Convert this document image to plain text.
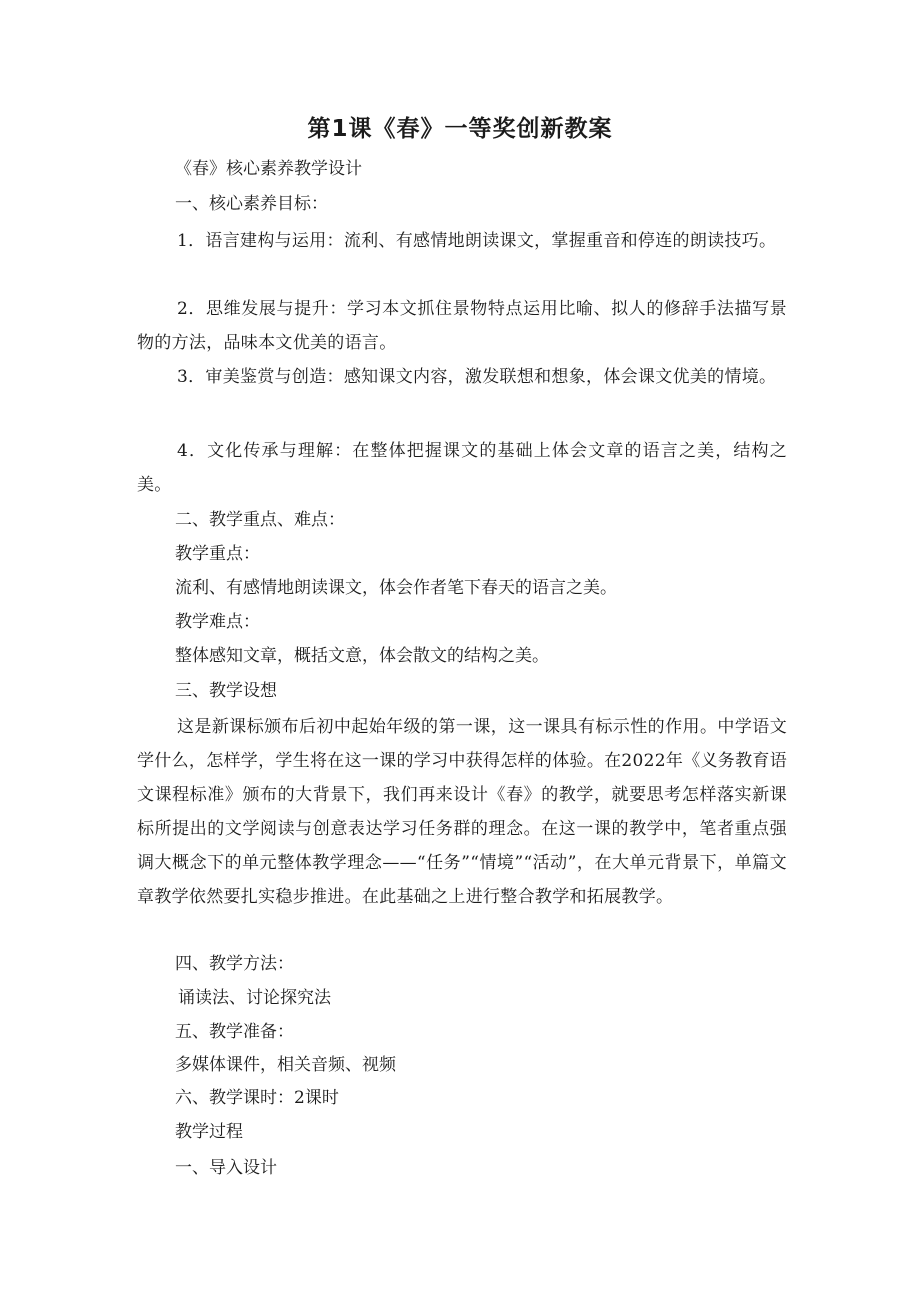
第1课《春》一等奖创新教案
《春》核心素养教学设计
一、核心素养目标：
1．语言建构与运用：流利、有感情地朗读课文，掌握重音和停连的朗读技巧。
2．思维发展与提升：学习本文抓住景物特点运用比喻、拟人的修辞手法描写景物的方法，品味本文优美的语言。
3．审美鉴赏与创造：感知课文内容，激发联想和想象，体会课文优美的情境。
4．文化传承与理解：在整体把握课文的基础上体会文章的语言之美，结构之美。
二、教学重点、难点：
教学重点：
流利、有感情地朗读课文，体会作者笔下春天的语言之美。
教学难点：
整体感知文章，概括文意，体会散文的结构之美。
三、教学设想
这是新课标颁布后初中起始年级的第一课，这一课具有标示性的作用。中学语文学什么，怎样学，学生将在这一课的学习中获得怎样的体验。在2022年《义务教育语文课程标准》颁布的大背景下，我们再来设计《春》的教学，就要思考怎样落实新课标所提出的文学阅读与创意表达学习任务群的理念。在这一课的教学中，笔者重点强调大概念下的单元整体教学理念——“任务”“情境”“活动”，在大单元背景下，单篇文章教学依然要扎实稳步推进。在此基础之上进行整合教学和拓展教学。
四、教学方法：
诵读法、讨论探究法
五、教学准备：
多媒体课件，相关音频、视频
六、教学课时：2课时
教学过程
一、导入设计
